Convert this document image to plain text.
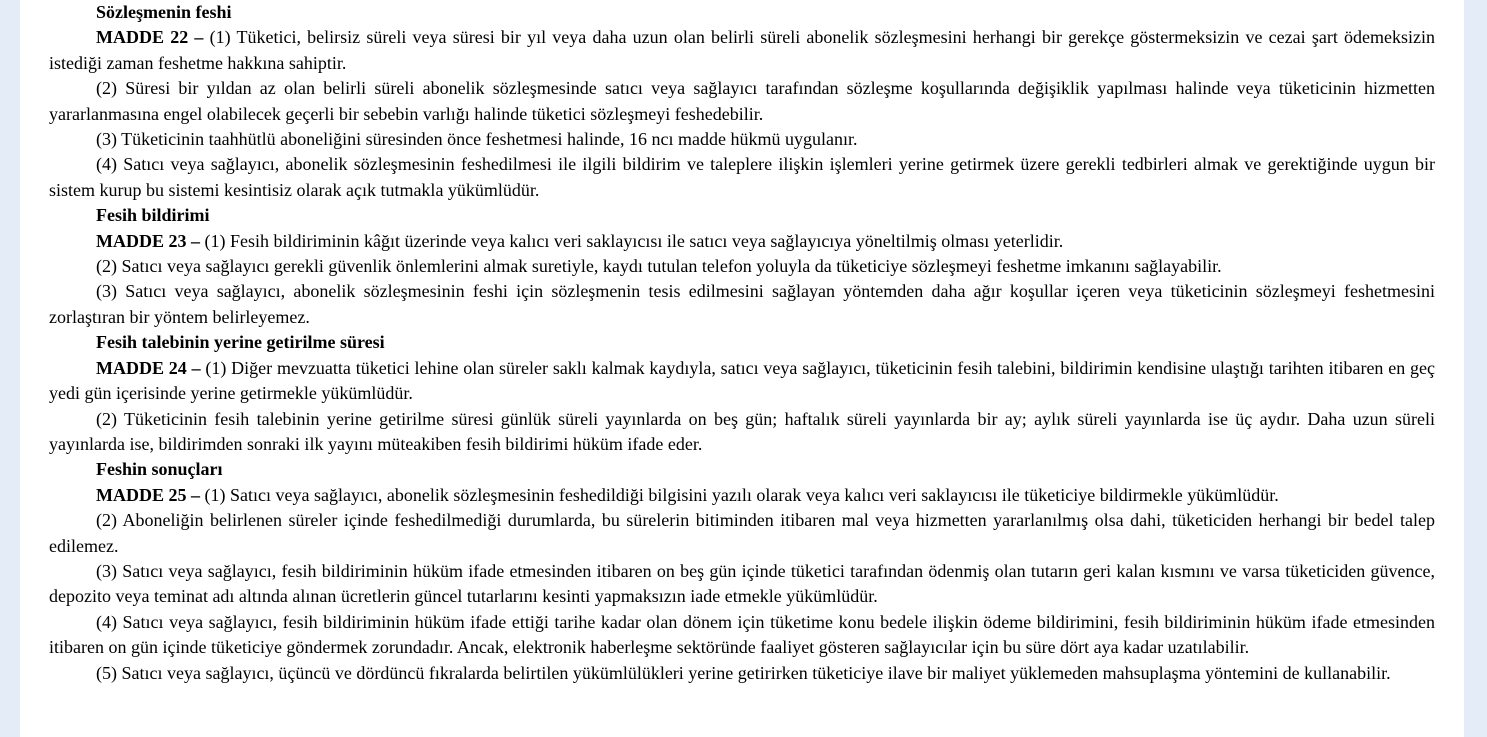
Sözleşmenin feshi

MADDE 22 – (1) Tüketici, belirsiz süreli veya süresi bir yıl veya daha uzun olan belirli süreli abonelik sözleşmesini herhangi bir gerekçe göstermeksizin ve cezai şart ödemeksizin istediği zaman feshetme hakkına sahiptir.

(2) Süresi bir yıldan az olan belirli süreli abonelik sözleşmesinde satıcı veya sağlayıcı tarafından sözleşme koşullarında değişiklik yapılması halinde veya tüketicinin hizmetten yararlanmasına engel olabilecek geçerli bir sebebin varlığı halinde tüketici sözleşmeyi feshedebilir.

(3) Tüketicinin taahhütlü aboneliğini süresinden önce feshetmesi halinde, 16 ncı madde hükmü uygulanır.

(4) Satıcı veya sağlayıcı, abonelik sözleşmesinin feshedilmesi ile ilgili bildirim ve taleplere ilişkin işlemleri yerine getirmek üzere gerekli tedbirleri almak ve gerektiğinde uygun bir sistem kurup bu sistemi kesintisiz olarak açık tutmakla yükümlüdür.

Fesih bildirimi

MADDE 23 – (1) Fesih bildiriminin kâğıt üzerinde veya kalıcı veri saklayıcısı ile satıcı veya sağlayıcıya yöneltilmiş olması yeterlidir.

(2) Satıcı veya sağlayıcı gerekli güvenlik önlemlerini almak suretiyle, kaydı tutulan telefon yoluyla da tüketiciye sözleşmeyi feshetme imkanını sağlayabilir.

(3) Satıcı veya sağlayıcı, abonelik sözleşmesinin feshi için sözleşmenin tesis edilmesini sağlayan yöntemden daha ağır koşullar içeren veya tüketicinin sözleşmeyi feshetmesini zorlaştıran bir yöntem belirleyemez.

Fesih talebinin yerine getirilme süresi

MADDE 24 – (1) Diğer mevzuatta tüketici lehine olan süreler saklı kalmak kaydıyla, satıcı veya sağlayıcı, tüketicinin fesih talebini, bildirimin kendisine ulaştığı tarihten itibaren en geç yedi gün içerisinde yerine getirmekle yükümlüdür.

(2) Tüketicinin fesih talebinin yerine getirilme süresi günlük süreli yayınlarda on beş gün; haftalık süreli yayınlarda bir ay; aylık süreli yayınlarda ise üç aydır. Daha uzun süreli yayınlarda ise, bildirimden sonraki ilk yayını müteakiben fesih bildirimi hüküm ifade eder.

Feshin sonuçları

MADDE 25 – (1) Satıcı veya sağlayıcı, abonelik sözleşmesinin feshedildiği bilgisini yazılı olarak veya kalıcı veri saklayıcısı ile tüketiciye bildirmekle yükümlüdür.

(2) Aboneliğin belirlenen süreler içinde feshedilmediği durumlarda, bu sürelerin bitiminden itibaren mal veya hizmetten yararlanılmış olsa dahi, tüketiciden herhangi bir bedel talep edilemez.

(3) Satıcı veya sağlayıcı, fesih bildiriminin hüküm ifade etmesinden itibaren on beş gün içinde tüketici tarafından ödenmiş olan tutarın geri kalan kısmını ve varsa tüketiciden güvence, depozito veya teminat adı altında alınan ücretlerin güncel tutarlarını kesinti yapmaksızın iade etmekle yükümlüdür.

(4) Satıcı veya sağlayıcı, fesih bildiriminin hüküm ifade ettiği tarihe kadar olan dönem için tüketime konu bedele ilişkin ödeme bildirimini, fesih bildiriminin hüküm ifade etmesinden itibaren on gün içinde tüketiciye göndermek zorundadır. Ancak, elektronik haberleşme sektöründe faaliyet gösteren sağlayıcılar için bu süre dört aya kadar uzatılabilir.

(5) Satıcı veya sağlayıcı, üçüncü ve dördüncü fıkralarda belirtilen yükümlülükleri yerine getirirken tüketiciye ilave bir maliyet yüklemeden mahsuplaşma yöntemini de kullanabilir.
